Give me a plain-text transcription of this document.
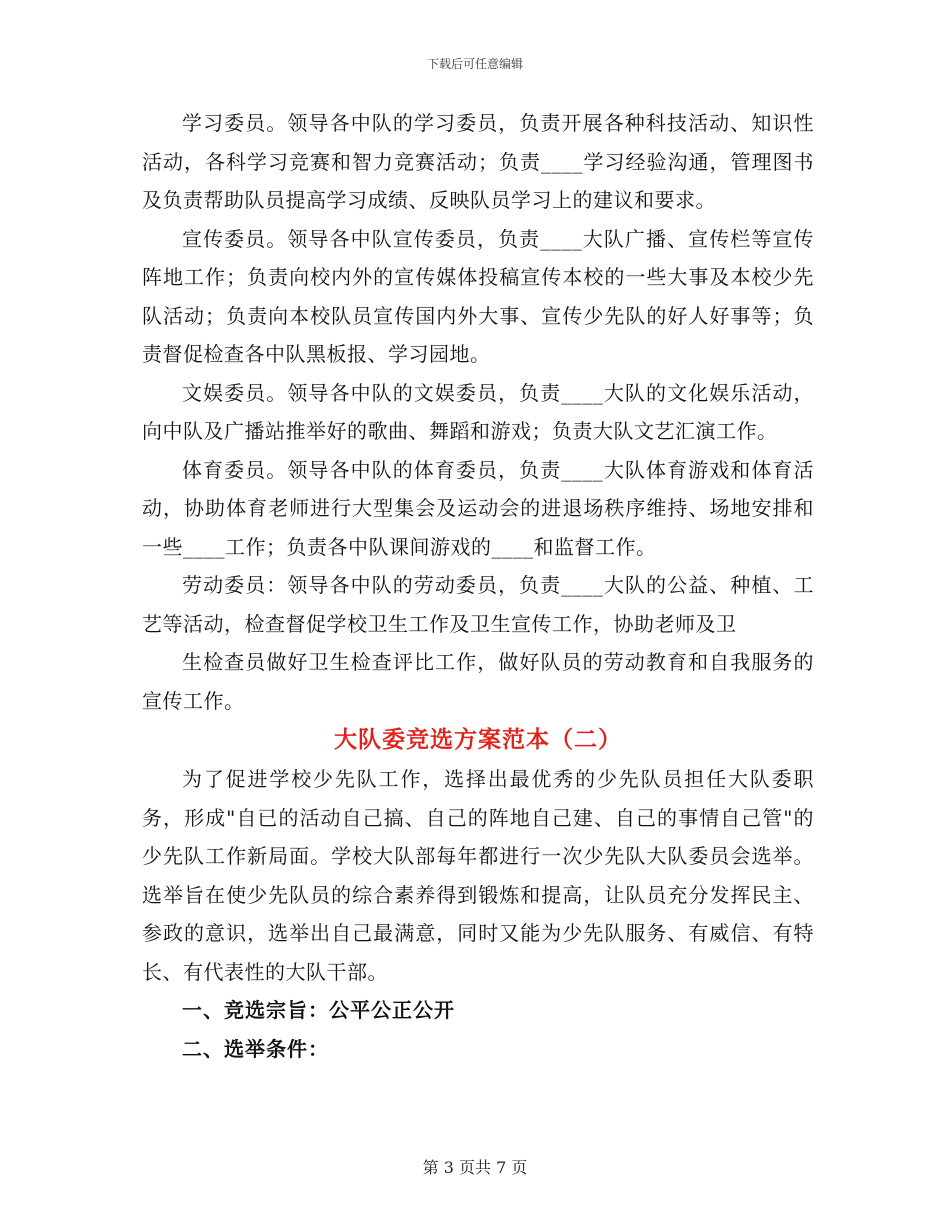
下载后可任意编辑

学习委员。领导各中队的学习委员，负责开展各种科技活动、知识性活动，各科学习竞赛和智力竞赛活动；负责____学习经验沟通，管理图书及负责帮助队员提高学习成绩、反映队员学习上的建议和要求。

宣传委员。领导各中队宣传委员，负责____大队广播、宣传栏等宣传阵地工作；负责向校内外的宣传媒体投稿宣传本校的一些大事及本校少先队活动；负责向本校队员宣传国内外大事、宣传少先队的好人好事等；负责督促检查各中队黑板报、学习园地。

文娱委员。领导各中队的文娱委员，负责____大队的文化娱乐活动，向中队及广播站推举好的歌曲、舞蹈和游戏；负责大队文艺汇演工作。

体育委员。领导各中队的体育委员，负责____大队体育游戏和体育活动，协助体育老师进行大型集会及运动会的进退场秩序维持、场地安排和一些____工作；负责各中队课间游戏的____和监督工作。

劳动委员：领导各中队的劳动委员，负责____大队的公益、种植、工艺等活动，检查督促学校卫生工作及卫生宣传工作，协助老师及卫

生检查员做好卫生检查评比工作，做好队员的劳动教育和自我服务的宣传工作。

大队委竞选方案范本（二）

为了促进学校少先队工作，选择出最优秀的少先队员担任大队委职务，形成"自已的活动自己搞、自己的阵地自己建、自己的事情自己管"的少先队工作新局面。学校大队部每年都进行一次少先队大队委员会选举。选举旨在使少先队员的综合素养得到锻炼和提高，让队员充分发挥民主、参政的意识，选举出自己最满意，同时又能为少先队服务、有威信、有特长、有代表性的大队干部。

一、竞选宗旨：公平公正公开

二、选举条件：

第 3 页共 7 页
